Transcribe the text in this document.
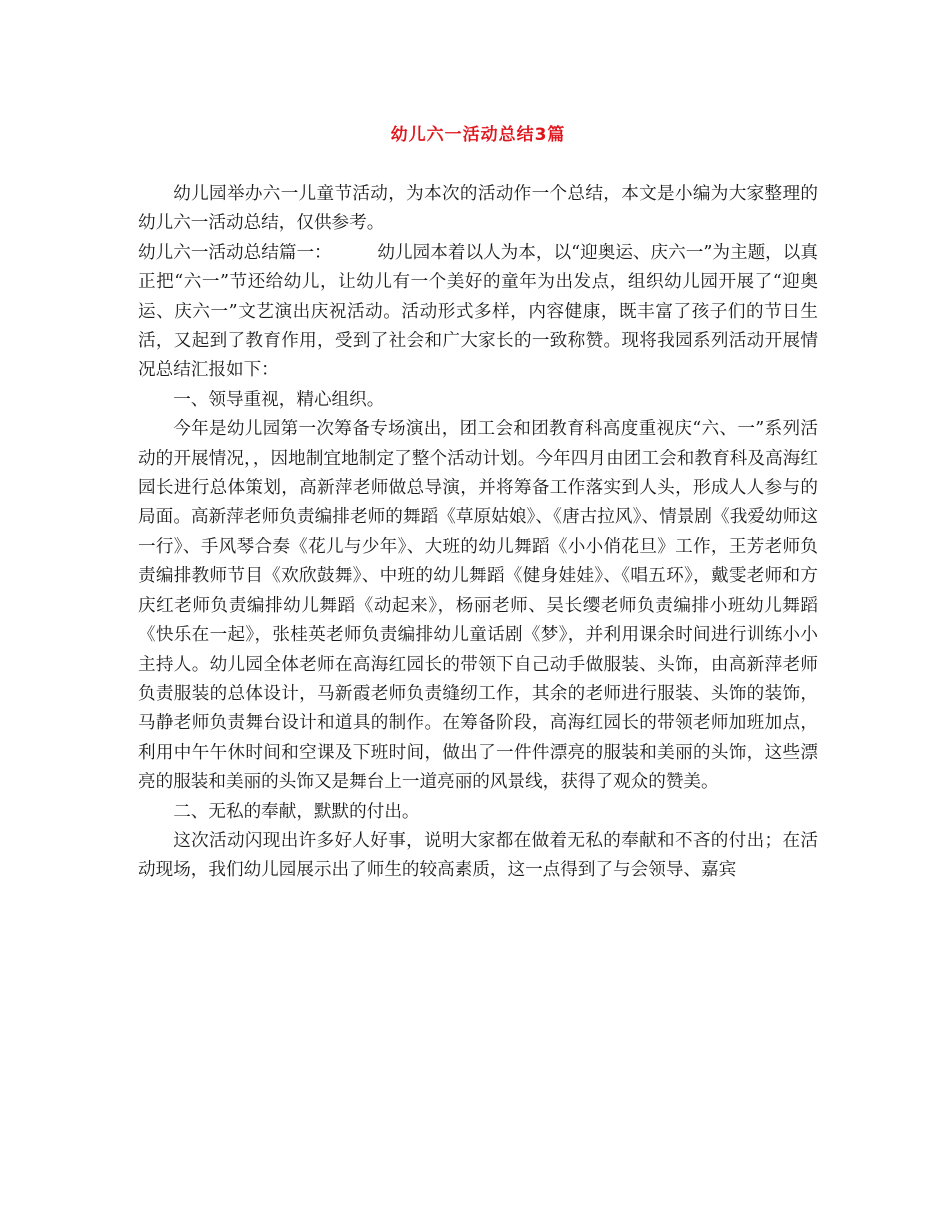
幼儿六一活动总结3篇

幼儿园举办六一儿童节活动，为本次的活动作一个总结，本文是小编为大家整理的幼儿六一活动总结，仅供参考。

幼儿六一活动总结篇一：	幼儿园本着以人为本，以“迎奥运、庆六一”为主题，以真正把“六一”节还给幼儿，让幼儿有一个美好的童年为出发点，组织幼儿园开展了“迎奥运、庆六一”文艺演出庆祝活动。活动形式多样，内容健康，既丰富了孩子们的节日生活，又起到了教育作用，受到了社会和广大家长的一致称赞。现将我园系列活动开展情况总结汇报如下：

一、领导重视，精心组织。

今年是幼儿园第一次筹备专场演出，团工会和团教育科高度重视庆“六、一”系列活动的开展情况，，因地制宜地制定了整个活动计划。今年四月由团工会和教育科及高海红园长进行总体策划，高新萍老师做总导演，并将筹备工作落实到人头，形成人人参与的局面。高新萍老师负责编排老师的舞蹈《草原姑娘》、《唐古拉风》、情景剧《我爱幼师这一行》、手风琴合奏《花儿与少年》、大班的幼儿舞蹈《小小俏花旦》工作，王芳老师负责编排教师节目《欢欣鼓舞》、中班的幼儿舞蹈《健身娃娃》、《唱五环》，戴雯老师和方庆红老师负责编排幼儿舞蹈《动起来》，杨丽老师、吴长缨老师负责编排小班幼儿舞蹈《快乐在一起》，张桂英老师负责编排幼儿童话剧《梦》，并利用课余时间进行训练小小主持人。幼儿园全体老师在高海红园长的带领下自己动手做服装、头饰，由高新萍老师负责服装的总体设计，马新霞老师负责缝纫工作，其余的老师进行服装、头饰的装饰，马静老师负责舞台设计和道具的制作。在筹备阶段，高海红园长的带领老师加班加点，利用中午午休时间和空课及下班时间，做出了一件件漂亮的服装和美丽的头饰，这些漂亮的服装和美丽的头饰又是舞台上一道亮丽的风景线，获得了观众的赞美。

二、无私的奉献，默默的付出。

这次活动闪现出许多好人好事，说明大家都在做着无私的奉献和不吝的付出；在活动现场，我们幼儿园展示出了师生的较高素质，这一点得到了与会领导、嘉宾
